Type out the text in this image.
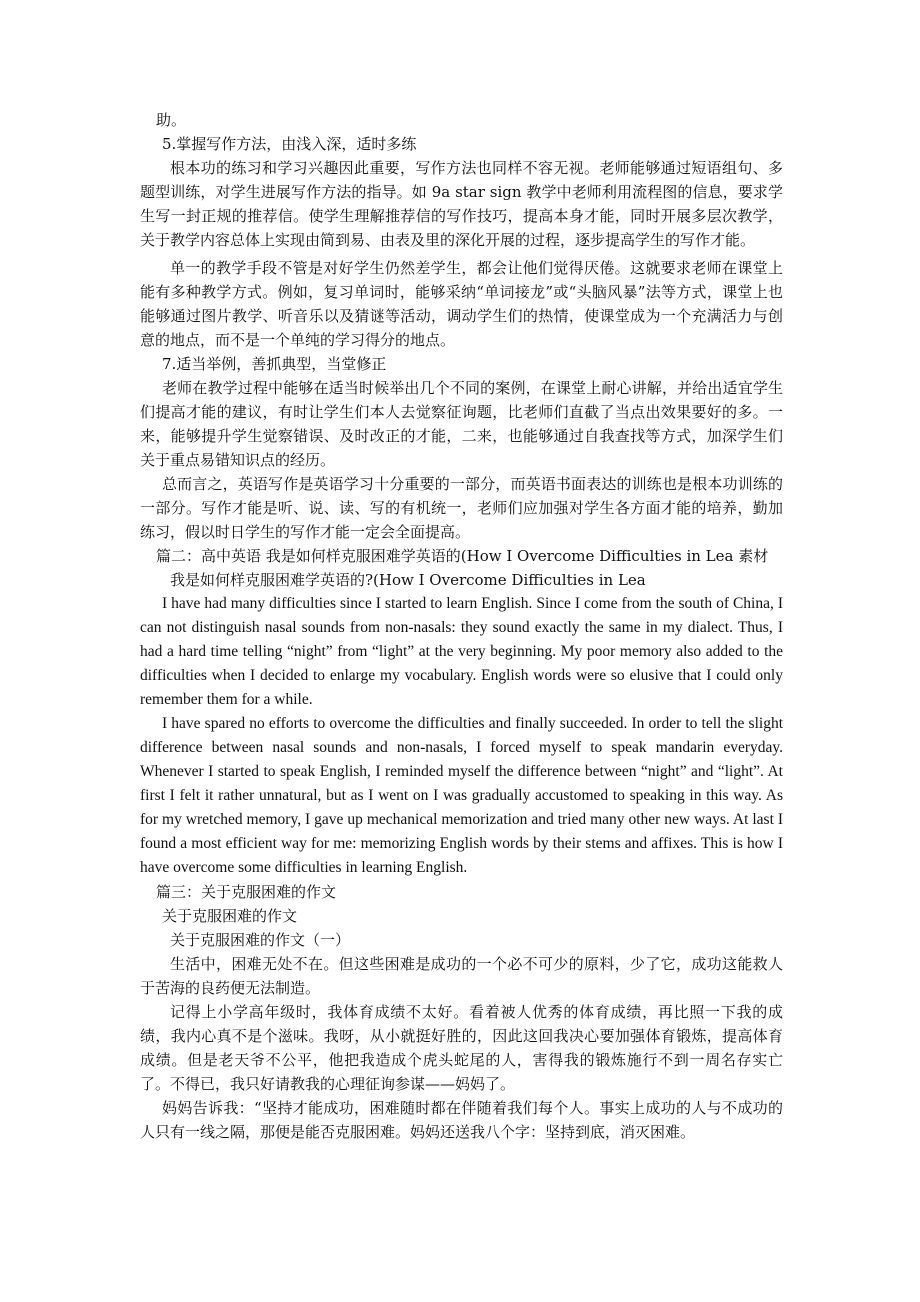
助。

5.掌握写作方法，由浅入深，适时多练

根本功的练习和学习兴趣因此重要，写作方法也同样不容无视。老师能够通过短语组句、多题型训练，对学生进展写作方法的指导。如 9a star sign 教学中老师利用流程图的信息，要求学生写一封正规的推荐信。使学生理解推荐信的写作技巧，提高本身才能，同时开展多层次教学，关于教学内容总体上实现由简到易、由表及里的深化开展的过程，逐步提高学生的写作才能。

单一的教学手段不管是对好学生仍然差学生，都会让他们觉得厌倦。这就要求老师在课堂上能有多种教学方式。例如，复习单词时，能够采纳“单词接龙”或“头脑风暴”法等方式，课堂上也能够通过图片教学、听音乐以及猜谜等活动，调动学生们的热情，使课堂成为一个充满活力与创意的地点，而不是一个单纯的学习得分的地点。

7.适当举例，善抓典型，当堂修正

老师在教学过程中能够在适当时候举出几个不同的案例，在课堂上耐心讲解，并给出适宜学生们提高才能的建议，有时让学生们本人去觉察征询题，比老师们直截了当点出效果要好的多。一来，能够提升学生觉察错误、及时改正的才能，二来，也能够通过自我查找等方式，加深学生们关于重点易错知识点的经历。

总而言之，英语写作是英语学习十分重要的一部分，而英语书面表达的训练也是根本功训练的一部分。写作才能是听、说、读、写的有机统一，老师们应加强对学生各方面才能的培养，勤加练习，假以时日学生的写作才能一定会全面提高。

篇二：高中英语 我是如何样克服困难学英语的(How I Overcome Difficulties in Lea 素材

我是如何样克服困难学英语的?(How I Overcome Difficulties in Lea

I have had many difficulties since I started to learn English. Since I come from the south of China, I can not distinguish nasal sounds from non-nasals: they sound exactly the same in my dialect. Thus, I had a hard time telling “night” from “light” at the very beginning. My poor memory also added to the difficulties when I decided to enlarge my vocabulary. English words were so elusive that I could only remember them for a while.

I have spared no efforts to overcome the difficulties and finally succeeded. In order to tell the slight difference between nasal sounds and non-nasals, I forced myself to speak mandarin everyday. Whenever I started to speak English, I reminded myself the difference between “night” and “light”. At first I felt it rather unnatural, but as I went on I was gradually accustomed to speaking in this way. As for my wretched memory, I gave up mechanical memorization and tried many other new ways. At last I found a most efficient way for me: memorizing English words by their stems and affixes. This is how I have overcome some difficulties in learning English.

篇三：关于克服困难的作文

关于克服困难的作文

关于克服困难的作文（一）

生活中，困难无处不在。但这些困难是成功的一个必不可少的原料，少了它，成功这能救人于苦海的良药便无法制造。

记得上小学高年级时，我体育成绩不太好。看着被人优秀的体育成绩，再比照一下我的成绩，我内心真不是个滋味。我呀，从小就挺好胜的，因此这回我决心要加强体育锻炼，提高体育成绩。但是老天爷不公平，他把我造成个虎头蛇尾的人，害得我的锻炼施行不到一周名存实亡了。不得已，我只好请教我的心理征询参谋——妈妈了。

妈妈告诉我：“坚持才能成功，困难随时都在伴随着我们每个人。事实上成功的人与不成功的人只有一线之隔，那便是能否克服困难。妈妈还送我八个字：坚持到底，消灭困难。
